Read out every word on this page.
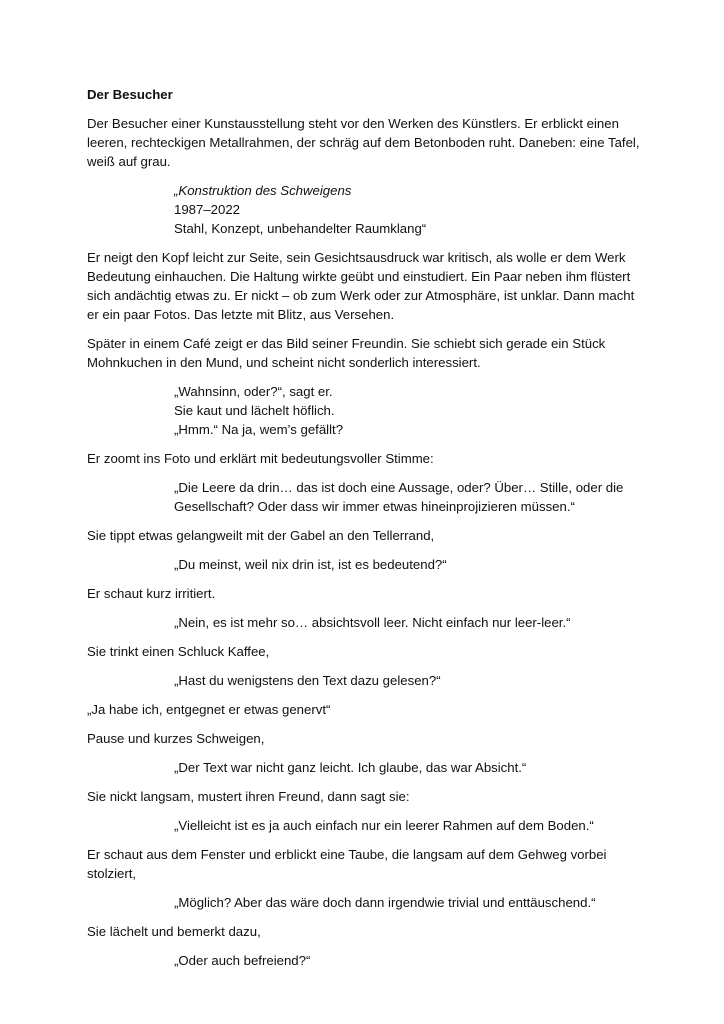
Der Besucher

Der Besucher einer Kunstausstellung steht vor den Werken des Künstlers. Er erblickt einen leeren, rechteckigen Metallrahmen, der schräg auf dem Betonboden ruht. Daneben: eine Tafel, weiß auf grau.

„Konstruktion des Schweigens
1987–2022
Stahl, Konzept, unbehandelter Raumklang“

Er neigt den Kopf leicht zur Seite, sein Gesichtsausdruck war kritisch, als wolle er dem Werk Bedeutung einhauchen. Die Haltung wirkte geübt und einstudiert. Ein Paar neben ihm flüstert sich andächtig etwas zu. Er nickt – ob zum Werk oder zur Atmosphäre, ist unklar. Dann macht er ein paar Fotos. Das letzte mit Blitz, aus Versehen.

Später in einem Café zeigt er das Bild seiner Freundin. Sie schiebt sich gerade ein Stück Mohnkuchen in den Mund, und scheint nicht sonderlich interessiert.

„Wahnsinn, oder?“, sagt er.
Sie kaut und lächelt höflich.
„Hmm.“ Na ja, wem’s gefällt?

Er zoomt ins Foto und erklärt mit bedeutungsvoller Stimme:

„Die Leere da drin… das ist doch eine Aussage, oder? Über… Stille, oder die Gesellschaft? Oder dass wir immer etwas hineinprojizieren müssen.“

Sie tippt etwas gelangweilt mit der Gabel an den Tellerrand,

„Du meinst, weil nix drin ist, ist es bedeutend?“

Er schaut kurz irritiert.

„Nein, es ist mehr so… absichtsvoll leer. Nicht einfach nur leer-leer.“

Sie trinkt einen Schluck Kaffee,

„Hast du wenigstens den Text dazu gelesen?“

„Ja habe ich, entgegnet er etwas genervt“

Pause und kurzes Schweigen,

„Der Text war nicht ganz leicht. Ich glaube, das war Absicht.“

Sie nickt langsam, mustert ihren Freund, dann sagt sie:

„Vielleicht ist es ja auch einfach nur ein leerer Rahmen auf dem Boden.“

Er schaut aus dem Fenster und erblickt eine Taube, die langsam auf dem Gehweg vorbei stolziert,

„Möglich? Aber das wäre doch dann irgendwie trivial und enttäuschend.“

Sie lächelt und bemerkt dazu,

„Oder auch befreiend?“
